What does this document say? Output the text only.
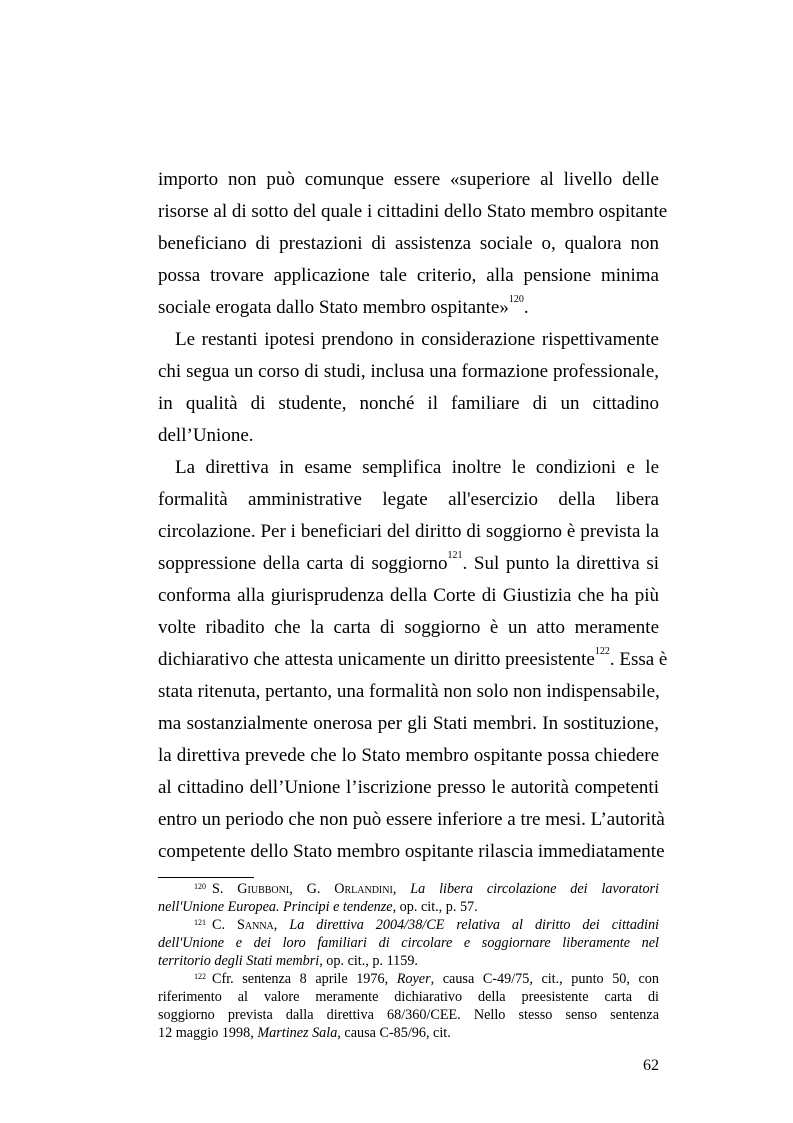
importo non può comunque essere «superiore al livello delle
risorse al di sotto del quale i cittadini dello Stato membro ospitante
beneficiano di prestazioni di assistenza sociale o, qualora non
possa trovare applicazione tale criterio, alla pensione minima
sociale erogata dallo Stato membro ospitante»$^{120}$.
Le restanti ipotesi prendono in considerazione rispettivamente
chi segua un corso di studi, inclusa una formazione professionale,
in qualità di studente, nonché il familiare di un cittadino
dell’Unione.
La direttiva in esame semplifica inoltre le condizioni e le
formalità amministrative legate all'esercizio della libera
circolazione. Per i beneficiari del diritto di soggiorno è prevista la
soppressione della carta di soggiorno$^{121}$. Sul punto la direttiva si
conforma alla giurisprudenza della Corte di Giustizia che ha più
volte ribadito che la carta di soggiorno è un atto meramente
dichiarativo che attesta unicamente un diritto preesistente$^{122}$. Essa è
stata ritenuta, pertanto, una formalità non solo non indispensabile,
ma sostanzialmente onerosa per gli Stati membri. In sostituzione,
la direttiva prevede che lo Stato membro ospitante possa chiedere
al cittadino dell’Unione l’iscrizione presso le autorità competenti
entro un periodo che non può essere inferiore a tre mesi. L’autorità
competente dello Stato membro ospitante rilascia immediatamente
$^{120}$ S. Giubboni, G. Orlandini, La libera circolazione dei lavoratori
nell'Unione Europea. Principi e tendenze, op. cit., p. 57.
$^{121}$ C. Sanna, La direttiva 2004/38/CE relativa al diritto dei cittadini
dell'Unione e dei loro familiari di circolare e soggiornare liberamente nel
territorio degli Stati membri, op. cit., p. 1159.
$^{122}$ Cfr. sentenza 8 aprile 1976, Royer, causa C-49/75, cit., punto 50, con
riferimento al valore meramente dichiarativo della preesistente carta di
soggiorno prevista dalla direttiva 68/360/CEE. Nello stesso senso sentenza
12 maggio 1998, Martinez Sala, causa C-85/96, cit.
62
